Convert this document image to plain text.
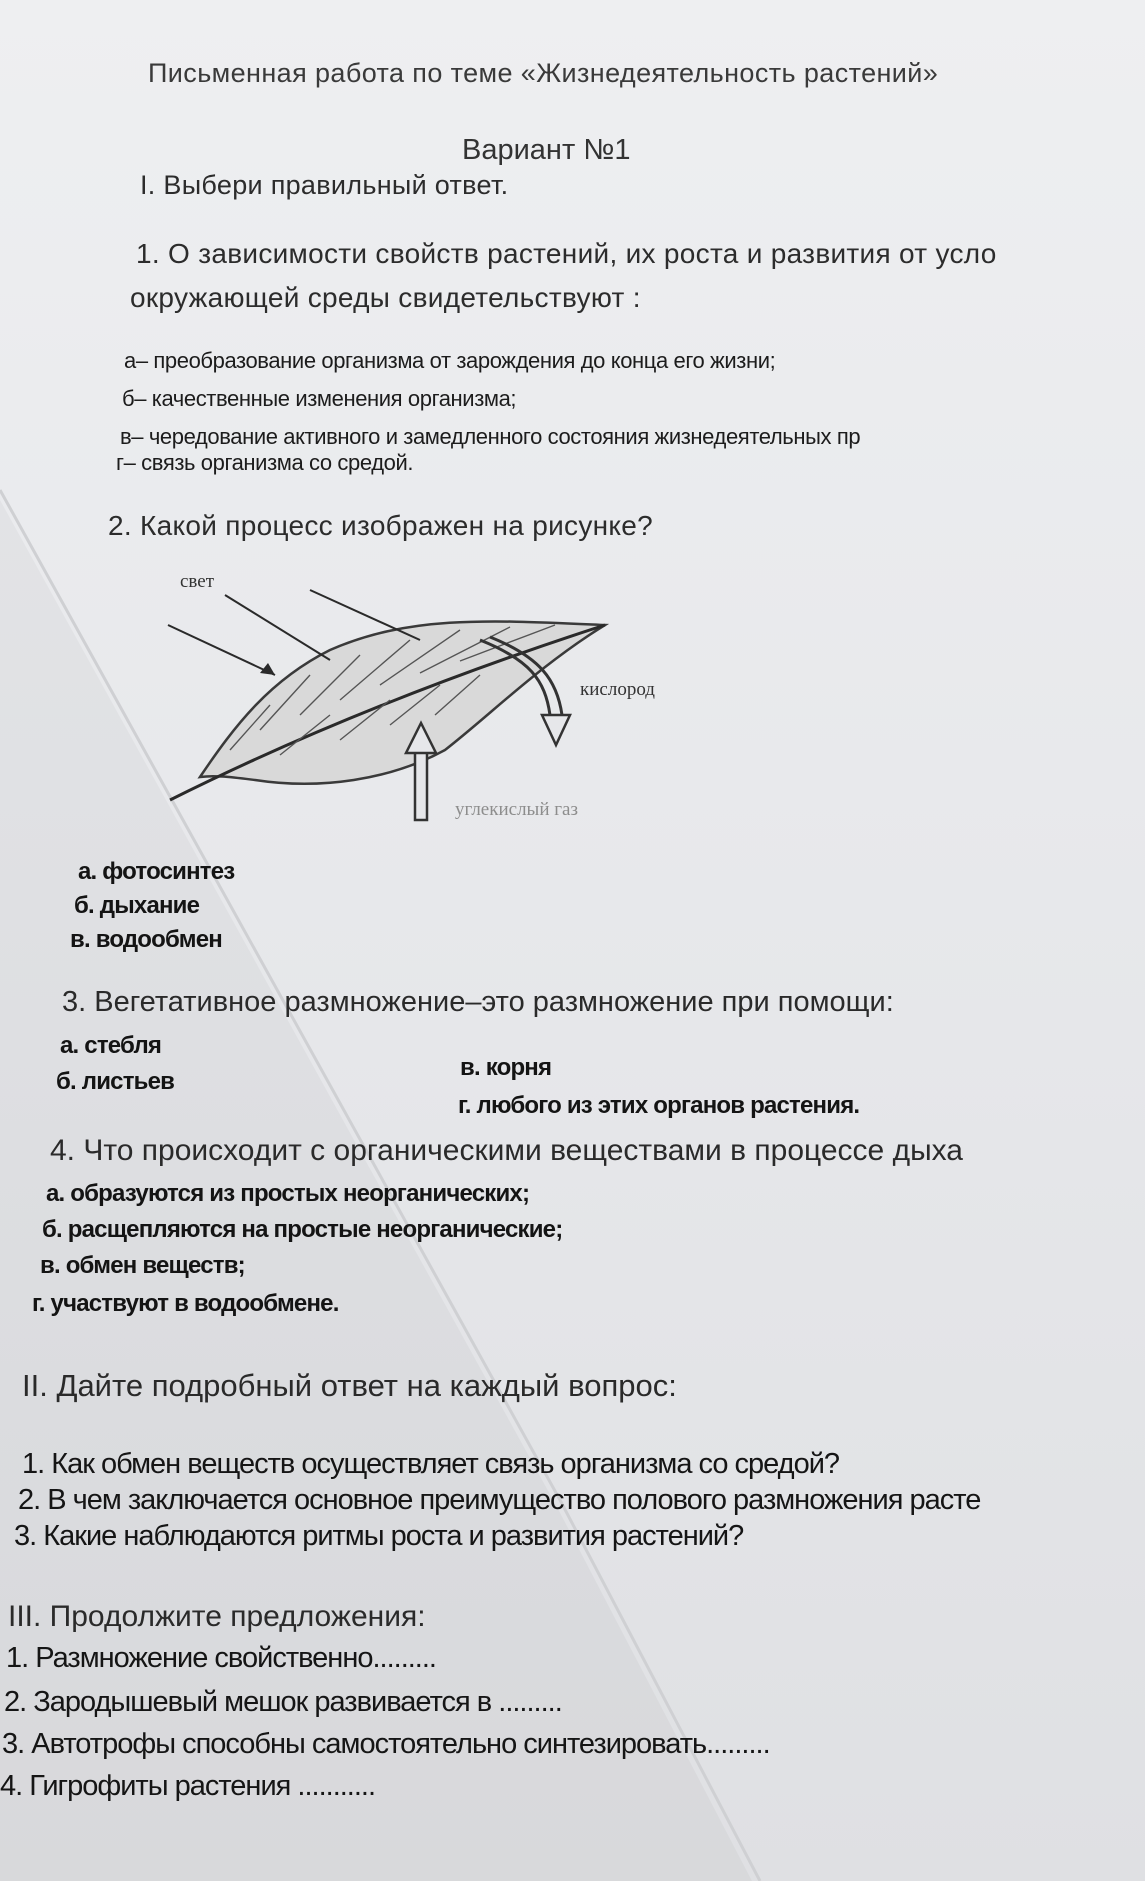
Письменная работа по теме «Жизнедеятельность растений»
Вариант №1
I. Выбери правильный ответ.
1. О зависимости свойств растений, их роста и развития от усло
окружающей среды свидетельствуют :
а– преобразование организма от зарождения до конца его жизни;
б– качественные изменения организма;
в– чередование активного и замедленного состояния жизнедеятельных пр
г– связь организма со средой.
2. Какой процесс изображен на рисунке?
свет
кислород
углекислый газ
а. фотосинтез
б. дыхание
в. водообмен
3. Вегетативное размножение–это размножение при помощи:
а. стебля
в. корня
б. листьев
г. любого из этих органов растения.
4. Что происходит с органическими веществами в процессе дыха
а. образуются из простых неорганических;
б. расщепляются на простые неорганические;
в. обмен веществ;
г. участвуют в водообмене.
II. Дайте подробный ответ на каждый вопрос:
1. Как обмен веществ осуществляет связь организма со средой?
2. В чем заключается основное преимущество полового размножения расте
3. Какие наблюдаются ритмы роста и развития растений?
III. Продолжите предложения:
1. Размножение свойственно.........
2. Зародышевый мешок развивается в .........
3. Автотрофы способны самостоятельно синтезировать.........
4. Гигрофиты растения ...........
